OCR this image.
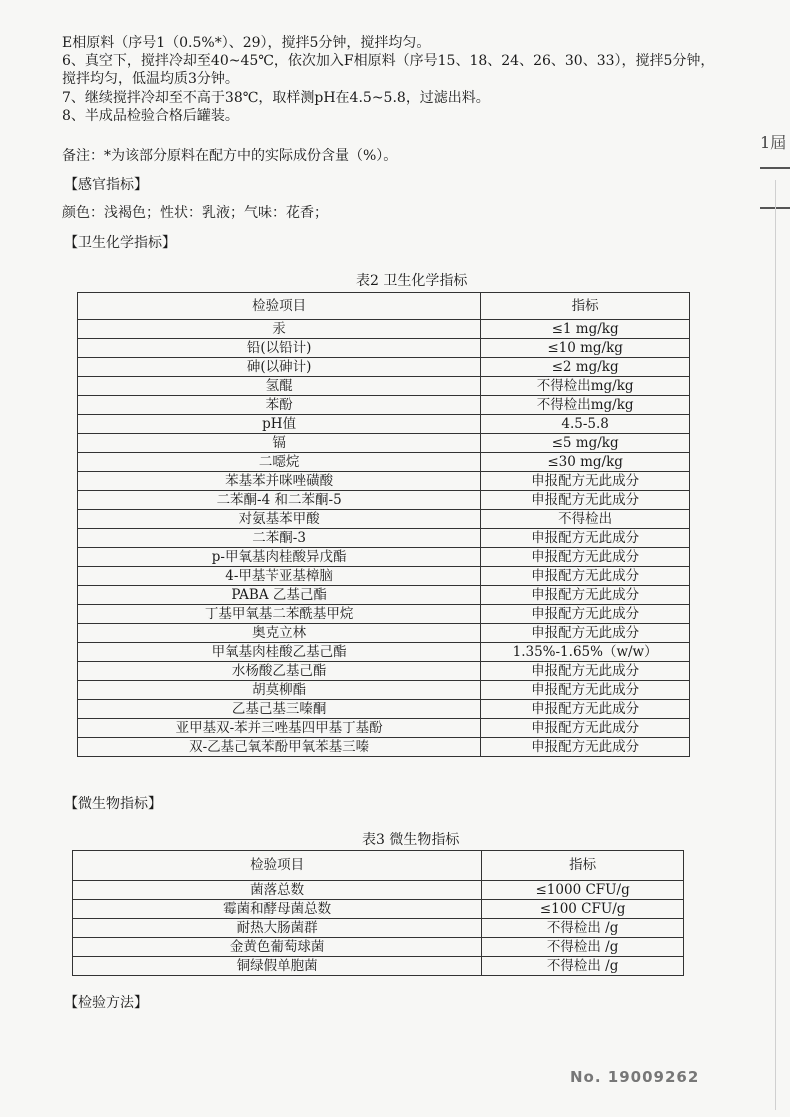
E相原料（序号1（0.5%*）、29），搅拌5分钟，搅拌均匀。
6、真空下，搅拌冷却至40~45℃，依次加入F相原料（序号15、18、24、26、30、33），搅拌5分钟，
搅拌均匀，低温均质3分钟。
7、继续搅拌冷却至不高于38℃，取样测pH在4.5~5.8，过滤出料。
8、半成品检验合格后罐装。
备注：*为该部分原料在配方中的实际成份含量（%）。
【感官指标】
颜色：浅褐色；性状：乳液；气味：花香；
【卫生化学指标】
表2 卫生化学指标
检验项目	指标
汞	≤1 mg/kg
铅(以铅计)	≤10 mg/kg
砷(以砷计)	≤2 mg/kg
氢醌	不得检出mg/kg
苯酚	不得检出mg/kg
pH值	4.5-5.8
镉	≤5 mg/kg
二噁烷	≤30 mg/kg
苯基苯并咪唑磺酸	申报配方无此成分
二苯酮-4 和二苯酮-5	申报配方无此成分
对氨基苯甲酸	不得检出
二苯酮-3	申报配方无此成分
p-甲氧基肉桂酸异戊酯	申报配方无此成分
4-甲基苄亚基樟脑	申报配方无此成分
PABA 乙基己酯	申报配方无此成分
丁基甲氧基二苯酰基甲烷	申报配方无此成分
奥克立林	申报配方无此成分
甲氧基肉桂酸乙基己酯	1.35%-1.65%（w/w）
水杨酸乙基己酯	申报配方无此成分
胡莫柳酯	申报配方无此成分
乙基己基三嗪酮	申报配方无此成分
亚甲基双-苯并三唑基四甲基丁基酚	申报配方无此成分
双-乙基己氧苯酚甲氧苯基三嗪	申报配方无此成分
【微生物指标】
表3 微生物指标
检验项目	指标
菌落总数	≤1000 CFU/g
霉菌和酵母菌总数	≤100 CFU/g
耐热大肠菌群	不得检出 /g
金黄色葡萄球菌	不得检出 /g
铜绿假单胞菌	不得检出 /g
【检验方法】
No. 19009262
1屆
